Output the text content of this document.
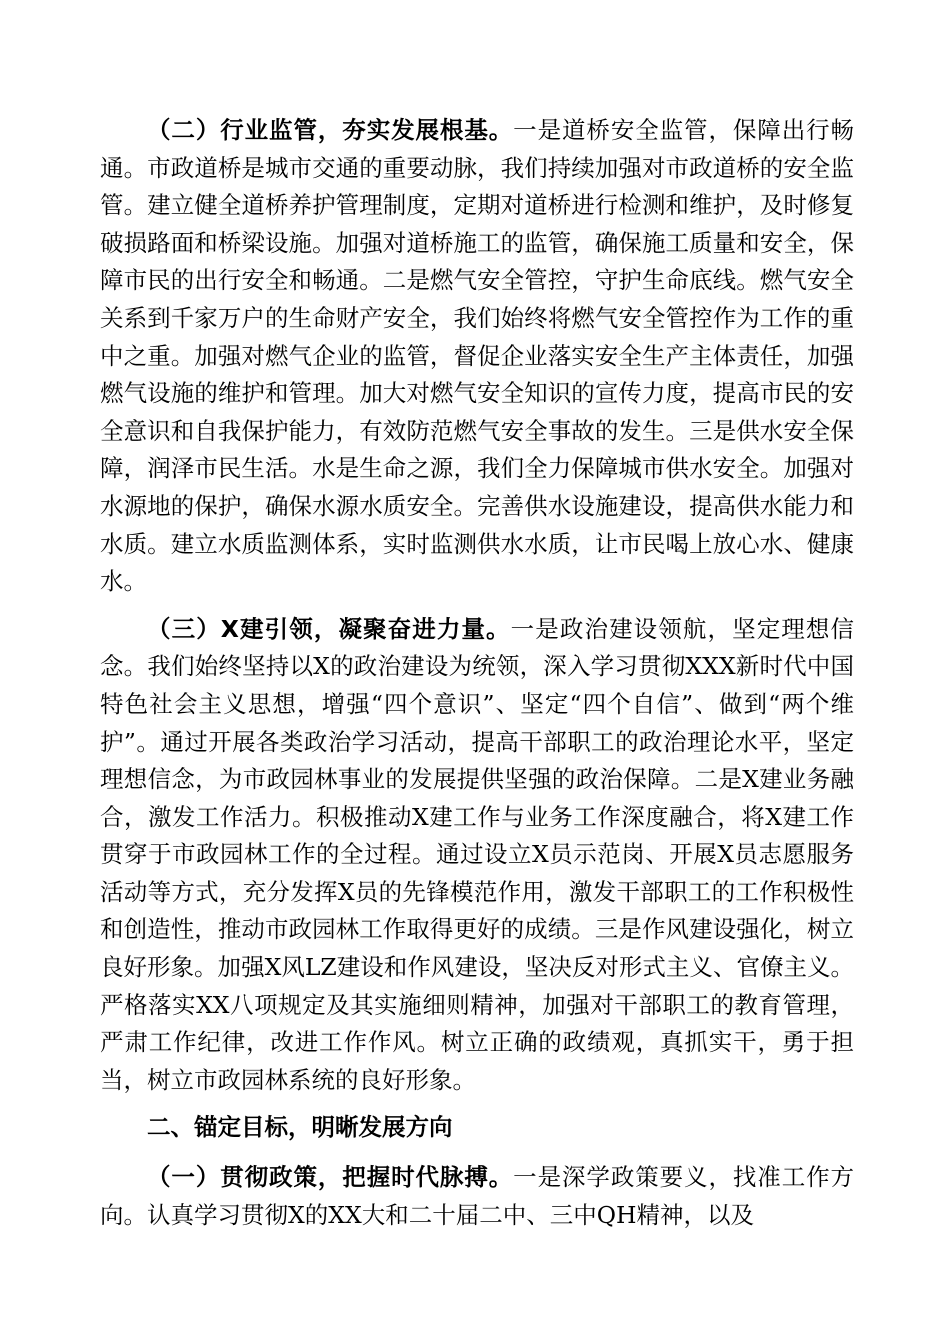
（二）行业监管，夯实发展根基。一是道桥安全监管，保障出行畅通。市政道桥是城市交通的重要动脉，我们持续加强对市政道桥的安全监管。建立健全道桥养护管理制度，定期对道桥进行检测和维护，及时修复破损路面和桥梁设施。加强对道桥施工的监管，确保施工质量和安全，保障市民的出行安全和畅通。二是燃气安全管控，守护生命底线。燃气安全关系到千家万户的生命财产安全，我们始终将燃气安全管控作为工作的重中之重。加强对燃气企业的监管，督促企业落实安全生产主体责任，加强燃气设施的维护和管理。加大对燃气安全知识的宣传力度，提高市民的安全意识和自我保护能力，有效防范燃气安全事故的发生。三是供水安全保障，润泽市民生活。水是生命之源，我们全力保障城市供水安全。加强对水源地的保护，确保水源水质安全。完善供水设施建设，提高供水能力和水质。建立水质监测体系，实时监测供水水质，让市民喝上放心水、健康水。

（三）X建引领，凝聚奋进力量。一是政治建设领航，坚定理想信念。我们始终坚持以X的政治建设为统领，深入学习贯彻XXX新时代中国特色社会主义思想，增强“四个意识”、坚定“四个自信”、做到“两个维护”。通过开展各类政治学习活动，提高干部职工的政治理论水平，坚定理想信念，为市政园林事业的发展提供坚强的政治保障。二是X建业务融合，激发工作活力。积极推动X建工作与业务工作深度融合，将X建工作贯穿于市政园林工作的全过程。通过设立X员示范岗、开展X员志愿服务活动等方式，充分发挥X员的先锋模范作用，激发干部职工的工作积极性和创造性，推动市政园林工作取得更好的成绩。三是作风建设强化，树立良好形象。加强X风LZ建设和作风建设，坚决反对形式主义、官僚主义。严格落实XX八项规定及其实施细则精神，加强对干部职工的教育管理，严肃工作纪律，改进工作作风。树立正确的政绩观，真抓实干，勇于担当，树立市政园林系统的良好形象。

二、锚定目标，明晰发展方向

（一）贯彻政策，把握时代脉搏。一是深学政策要义，找准工作方向。认真学习贯彻X的XX大和二十届二中、三中QH精神，以及
